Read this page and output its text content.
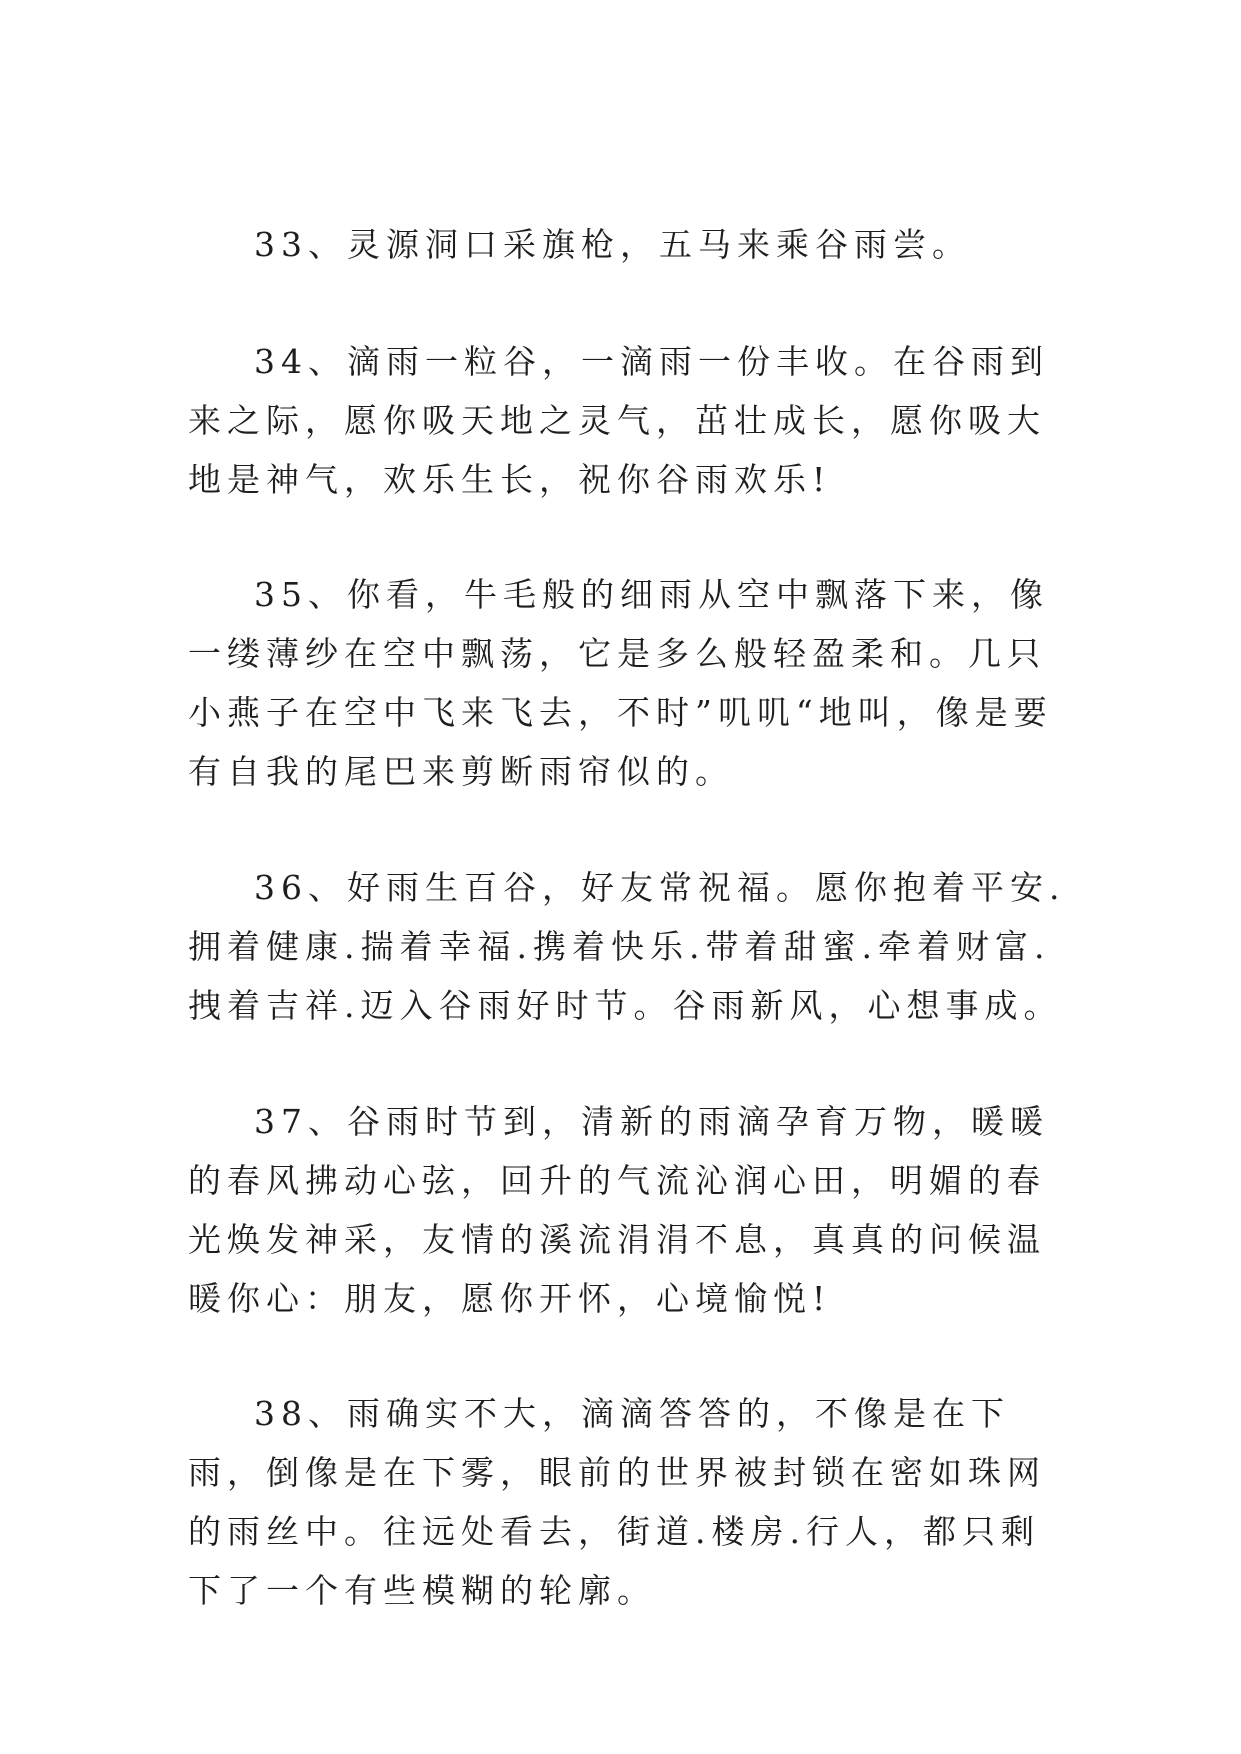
33、灵源洞口采旗枪，五马来乘谷雨尝。

34、滴雨一粒谷，一滴雨一份丰收。在谷雨到来之际，愿你吸天地之灵气，茁壮成长，愿你吸大地是神气，欢乐生长，祝你谷雨欢乐!

35、你看，牛毛般的细雨从空中飘落下来，像一缕薄纱在空中飘荡，它是多么般轻盈柔和。几只小燕子在空中飞来飞去，不时”叽叽“地叫，像是要有自我的尾巴来剪断雨帘似的。

36、好雨生百谷，好友常祝福。愿你抱着平安.拥着健康.揣着幸福.携着快乐.带着甜蜜.牵着财富.拽着吉祥.迈入谷雨好时节。谷雨新风，心想事成。

37、谷雨时节到，清新的雨滴孕育万物，暖暖的春风拂动心弦，回升的气流沁润心田，明媚的春光焕发神采，友情的溪流涓涓不息，真真的问候温暖你心：朋友，愿你开怀，心境愉悦!

38、雨确实不大，滴滴答答的，不像是在下雨，倒像是在下雾，眼前的世界被封锁在密如珠网的雨丝中。往远处看去，街道.楼房.行人，都只剩下了一个有些模糊的轮廓。
